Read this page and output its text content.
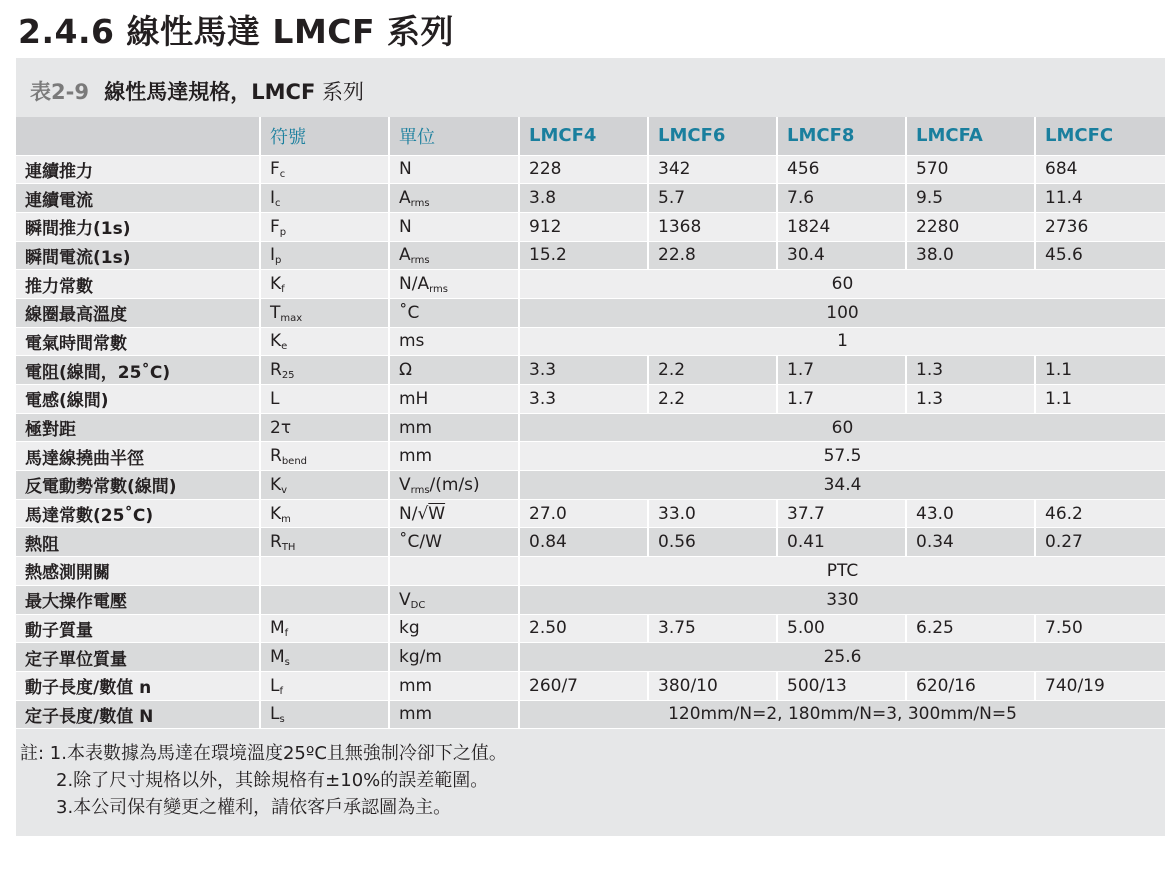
2.4.6 線性馬達 LMCF 系列
表2-9 線性馬達規格，LMCF 系列
	符號	單位	LMCF4	LMCF6	LMCF8	LMCFA	LMCFC
連續推力	$F_c$	N	228	342	456	570	684
連續電流	$I_c$	$A_{rms}$	3.8	5.7	7.6	9.5	11.4
瞬間推力(1s)	$F_p$	N	912	1368	1824	2280	2736
瞬間電流(1s)	$I_p$	$A_{rms}$	15.2	22.8	30.4	38.0	45.6
推力常數	$K_f$	$N/A_{rms}$	60				
線圈最高溫度	$T_{max}$	˚C	100				
電氣時間常數	$K_e$	ms	1				
電阻(線間，25˚C)	$R_{25}$	Ω	3.3	2.2	1.7	1.3	1.1
電感(線間)	L	mH	3.3	2.2	1.7	1.3	1.1
極對距	2τ	mm	60				
馬達線撓曲半徑	$R_{bend}$	mm	57.5				
反電動勢常數(線間)	$K_v$	$V_{rms}/(m/s)$	34.4				
馬達常數(25˚C)	$K_m$	N/√W	27.0	33.0	37.7	43.0	46.2
熱阻	$R_{TH}$	˚C/W	0.84	0.56	0.41	0.34	0.27
熱感測開關			PTC				
最大操作電壓		$V_{DC}$	330				
動子質量	$M_f$	kg	2.50	3.75	5.00	6.25	7.50
定子單位質量	$M_s$	kg/m	25.6				
動子長度/數值 n	$L_f$	mm	260/7	380/10	500/13	620/16	740/19
定子長度/數值 N	$L_s$	mm	120mm/N=2, 180mm/N=3, 300mm/N=5				
註: 1.本表數據為馬達在環境溫度25ºC且無強制冷卻下之值。
2.除了尺寸規格以外，其餘規格有±10%的誤差範圍。
3.本公司保有變更之權利，請依客戶承認圖為主。
